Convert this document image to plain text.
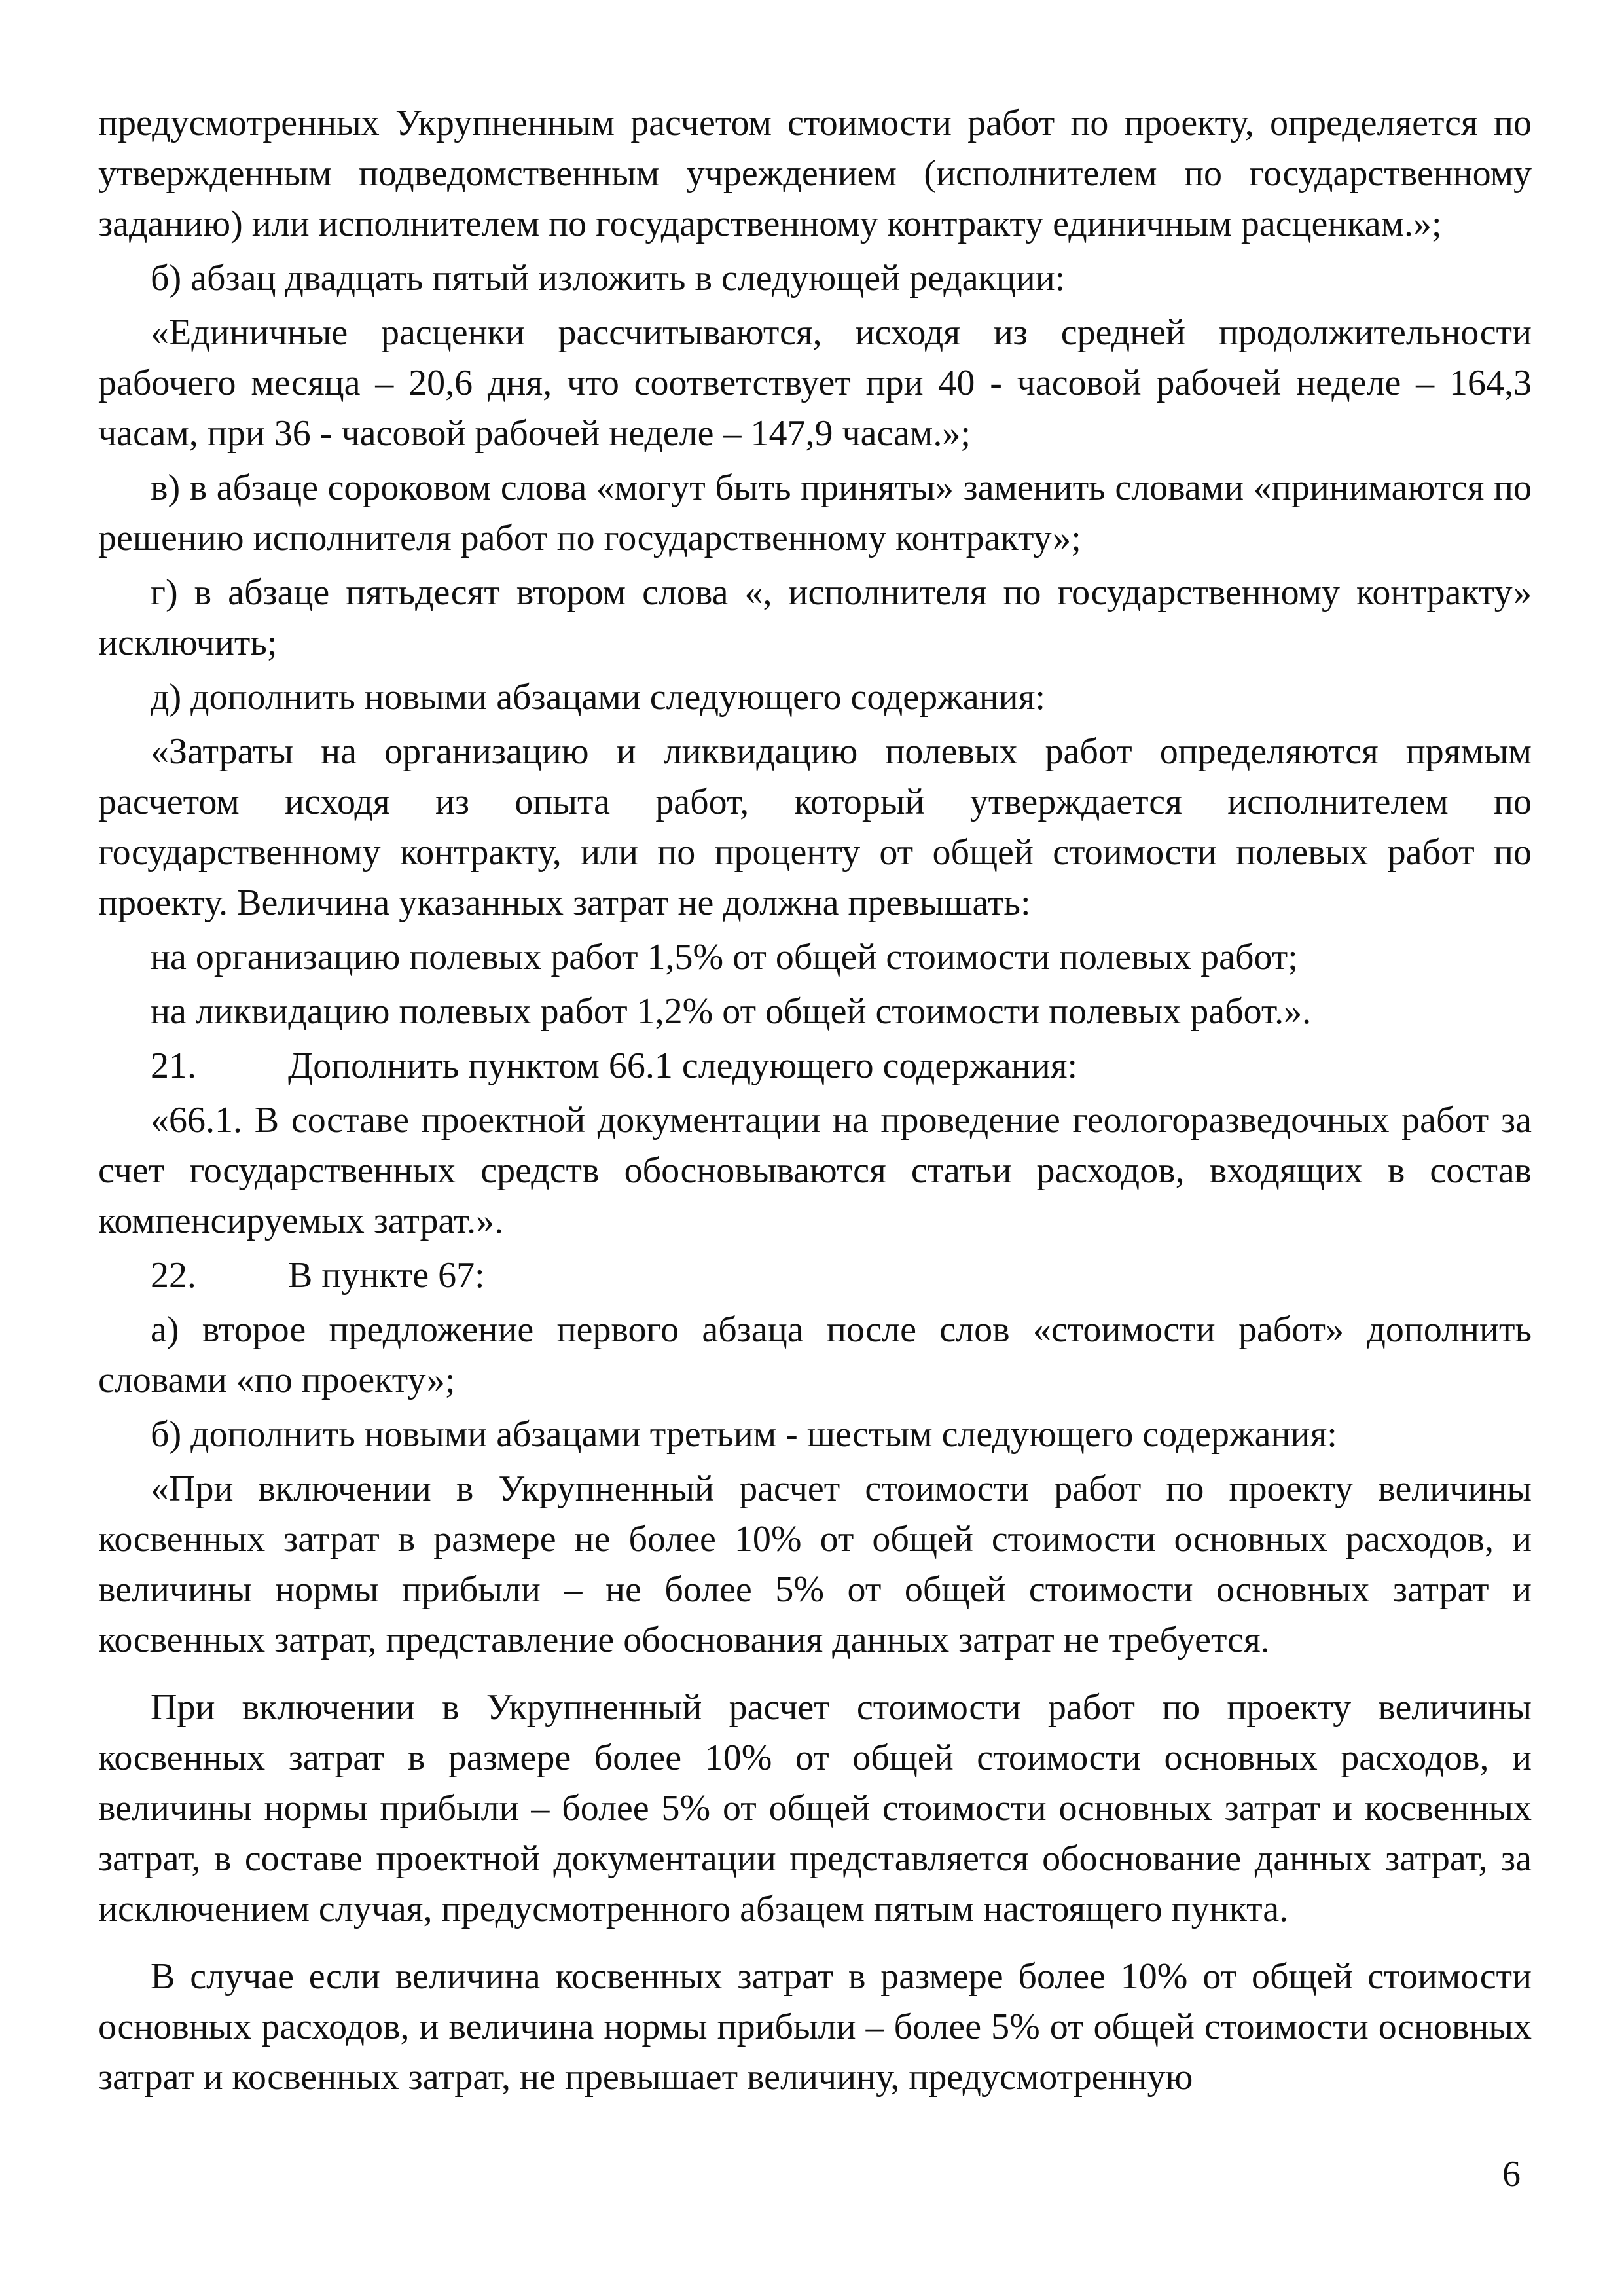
предусмотренных Укрупненным расчетом стоимости работ по проекту, определяется по утвержденным подведомственным учреждением (исполнителем по государственному заданию) или исполнителем по государственному контракту единичным расценкам.»;

б) абзац двадцать пятый изложить в следующей редакции:

«Единичные расценки рассчитываются, исходя из средней продолжительности рабочего месяца – 20,6 дня, что соответствует при 40 - часовой рабочей неделе – 164,3 часам, при 36 - часовой рабочей неделе – 147,9 часам.»;

в) в абзаце сороковом слова «могут быть приняты» заменить словами «принимаются по решению исполнителя работ по государственному контракту»;

г) в абзаце пятьдесят втором слова «, исполнителя по государственному контракту» исключить;

д) дополнить новыми абзацами следующего содержания:

«Затраты на организацию и ликвидацию полевых работ определяются прямым расчетом исходя из опыта работ, который утверждается исполнителем по государственному контракту, или по проценту от общей стоимости полевых работ по проекту. Величина указанных затрат не должна превышать:

на организацию полевых работ 1,5% от общей стоимости полевых работ;

на ликвидацию полевых работ 1,2% от общей стоимости полевых работ.».

21.	Дополнить пунктом 66.1 следующего содержания:

«66.1. В составе проектной документации на проведение геологоразведочных работ за счет государственных средств обосновываются статьи расходов, входящих в состав компенсируемых затрат.».

22.	В пункте 67:

а) второе предложение первого абзаца после слов «стоимости работ» дополнить словами «по проекту»;

б) дополнить новыми абзацами третьим - шестым следующего содержания:

«При включении в Укрупненный расчет стоимости работ по проекту величины косвенных затрат в размере не более 10% от общей стоимости основных расходов, и величины нормы прибыли – не более 5% от общей стоимости основных затрат и косвенных затрат, представление обоснования данных затрат не требуется.

При включении в Укрупненный расчет стоимости работ по проекту величины косвенных затрат в размере более 10% от общей стоимости основных расходов, и величины нормы прибыли – более 5% от общей стоимости основных затрат и косвенных затрат, в составе проектной документации представляется обоснование данных затрат, за исключением случая, предусмотренного абзацем пятым настоящего пункта.

В случае если величина косвенных затрат в размере более 10% от общей стоимости основных расходов, и величина нормы прибыли – более 5% от общей стоимости основных затрат и косвенных затрат, не превышает величину, предусмотренную

6
